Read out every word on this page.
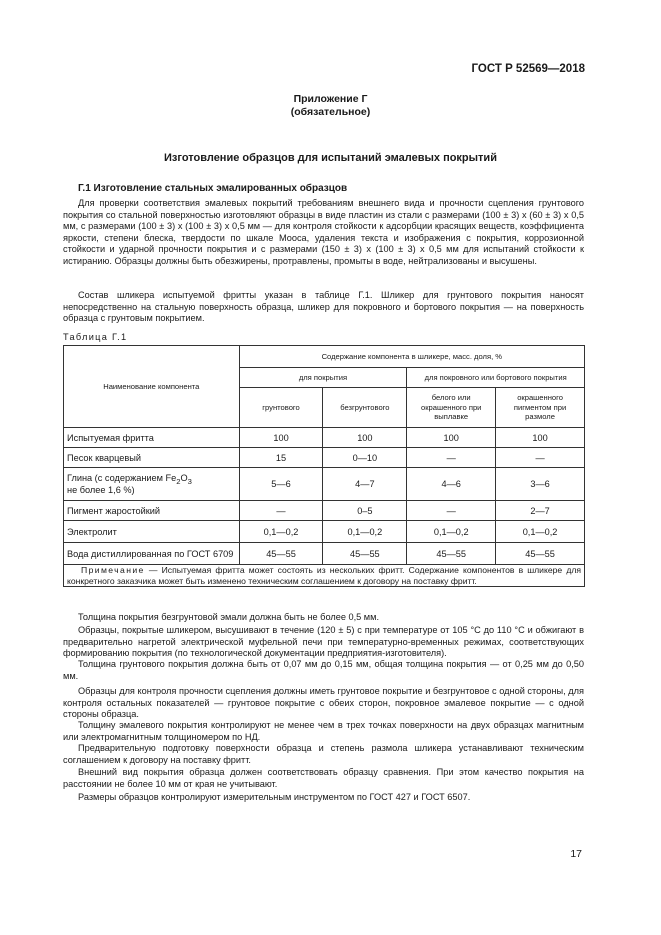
ГОСТ Р 52569—2018
Приложение Г
(обязательное)
Изготовление образцов для испытаний эмалевых покрытий
Г.1 Изготовление стальных эмалированных образцов
Для проверки соответствия эмалевых покрытий требованиям внешнего вида и прочности сцепления грунтового покрытия со стальной поверхностью изготовляют образцы в виде пластин из стали с размерами (100 ± 3) х (60 ± 3) х 0,5 мм, с размерами (100 ± 3) х (100 ± 3) х 0,5 мм — для контроля стойкости к адсорбции красящих веществ, коэффициента яркости, степени блеска, твердости по шкале Мооса, удаления текста и изображения с покрытия, коррозионной стойкости и ударной прочности покрытия и с размерами (150 ± 3) х (100 ± 3) х 0,5 мм для испытаний стойкости к истиранию. Образцы должны быть обезжирены, протравлены, промыты в воде, нейтрализованы и высушены.
Состав шликера испытуемой фритты указан в таблице Г.1. Шликер для грунтового покрытия наносят непосредственно на стальную поверхность образца, шликер для покровного и бортового покрытия — на поверхность образца с грунтовым покрытием.
Таблица Г.1
Наименование компонента	Содержание компонента в шликере, масс. доля, %			
	для покрытия		для покровного или бортового покрытия	
	грунтового	безгрунтового	белого или окрашенного при выплавке	окрашенного пигментом при размоле
Испытуемая фритта	100	100	100	100
Песок кварцевый	15	0—10	—	—
Глина (с содержанием $Fe_2O_3$
не более 1,6 %)	5—6	4—7	4—6	3—6
Пигмент жаростойкий	—	0–5	—	2—7
Электролит	0,1—0,2	0,1—0,2	0,1—0,2	0,1—0,2
Вода дистиллированная по ГОСТ 6709	45—55	45—55	45—55	45—55
Примечание — Испытуемая фритта может состоять из нескольких фритт. Содержание компонентов в шликере для конкретного заказчика может быть изменено техническим соглашением к договору на поставку фритт.				
Толщина покрытия безгрунтовой эмали должна быть не более 0,5 мм.
Образцы, покрытые шликером, высушивают в течение (120 ± 5) с при температуре от 105 °С до 110 °С и обжигают в предварительно нагретой электрической муфельной печи при температурно-временных режимах, соответствующих формированию покрытия (по технологической документации предприятия-изготовителя).
Толщина грунтового покрытия должна быть от 0,07 мм до 0,15 мм, общая толщина покрытия — от 0,25 мм до 0,50 мм.
Образцы для контроля прочности сцепления должны иметь грунтовое покрытие и безгрунтовое с одной стороны, для контроля остальных показателей — грунтовое покрытие с обеих сторон, покровное эмалевое покрытие — с одной стороны образца.
Толщину эмалевого покрытия контролируют не менее чем в трех точках поверхности на двух образцах магнитным или электромагнитным толщиномером по НД.
Предварительную подготовку поверхности образца и степень размола шликера устанавливают техническим соглашением к договору на поставку фритт.
Внешний вид покрытия образца должен соответствовать образцу сравнения. При этом качество покрытия на расстоянии не более 10 мм от края не учитывают.
Размеры образцов контролируют измерительным инструментом по ГОСТ 427 и ГОСТ 6507.
17
